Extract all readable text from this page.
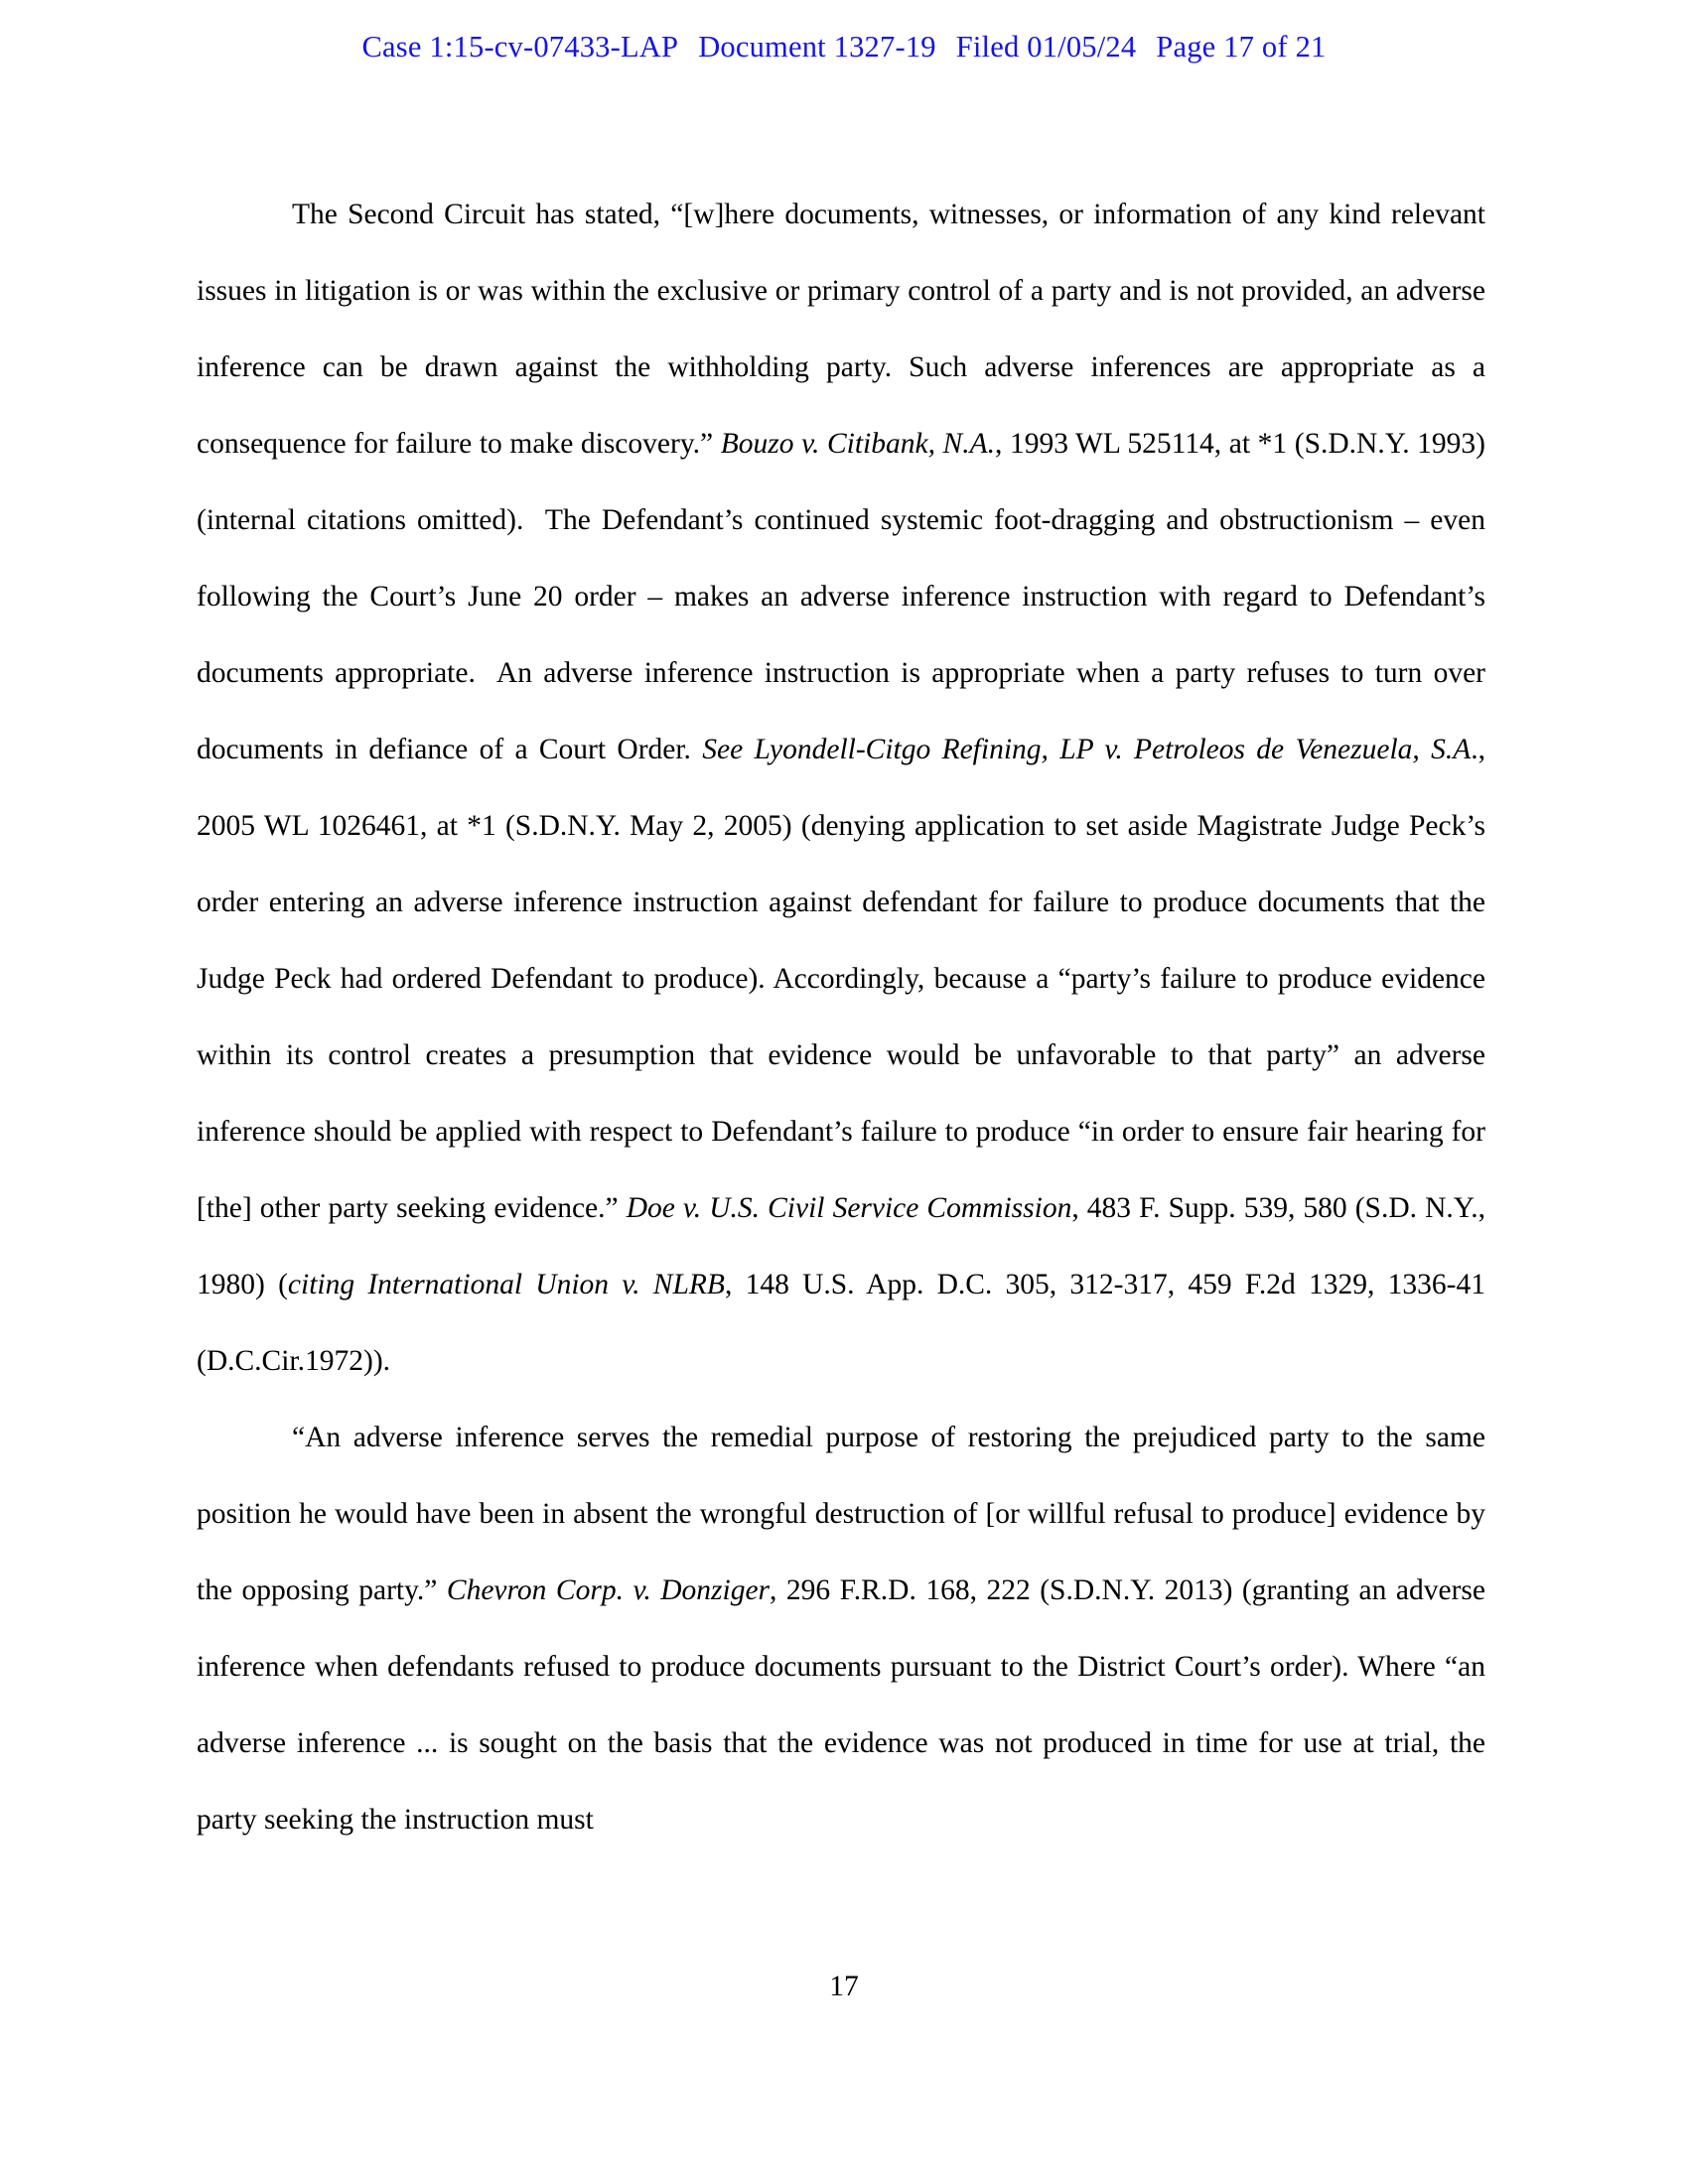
Case 1:15-cv-07433-LAP Document 1327-19 Filed 01/05/24 Page 17 of 21

The Second Circuit has stated, “[w]here documents, witnesses, or information of any kind relevant issues in litigation is or was within the exclusive or primary control of a party and is not provided, an adverse inference can be drawn against the withholding party. Such adverse inferences are appropriate as a consequence for failure to make discovery.” Bouzo v. Citibank, N.A., 1993 WL 525114, at *1 (S.D.N.Y. 1993) (internal citations omitted).  The Defendant’s continued systemic foot-dragging and obstructionism – even following the Court’s June 20 order – makes an adverse inference instruction with regard to Defendant’s documents appropriate.  An adverse inference instruction is appropriate when a party refuses to turn over documents in defiance of a Court Order. See Lyondell-Citgo Refining, LP v. Petroleos de Venezuela, S.A., 2005 WL 1026461, at *1 (S.D.N.Y. May 2, 2005) (denying application to set aside Magistrate Judge Peck’s order entering an adverse inference instruction against defendant for failure to produce documents that the Judge Peck had ordered Defendant to produce). Accordingly, because a “party’s failure to produce evidence within its control creates a presumption that evidence would be unfavorable to that party” an adverse inference should be applied with respect to Defendant’s failure to produce “in order to ensure fair hearing for [the] other party seeking evidence.” Doe v. U.S. Civil Service Commission, 483 F. Supp. 539, 580 (S.D. N.Y., 1980) (citing International Union v. NLRB, 148 U.S. App. D.C. 305, 312-317, 459 F.2d 1329, 1336-41 (D.C.Cir.1972)).

“An adverse inference serves the remedial purpose of restoring the prejudiced party to the same position he would have been in absent the wrongful destruction of [or willful refusal to produce] evidence by the opposing party.” Chevron Corp. v. Donziger, 296 F.R.D. 168, 222 (S.D.N.Y. 2013) (granting an adverse inference when defendants refused to produce documents pursuant to the District Court’s order). Where “an adverse inference ... is sought on the basis that the evidence was not produced in time for use at trial, the party seeking the instruction must

17
